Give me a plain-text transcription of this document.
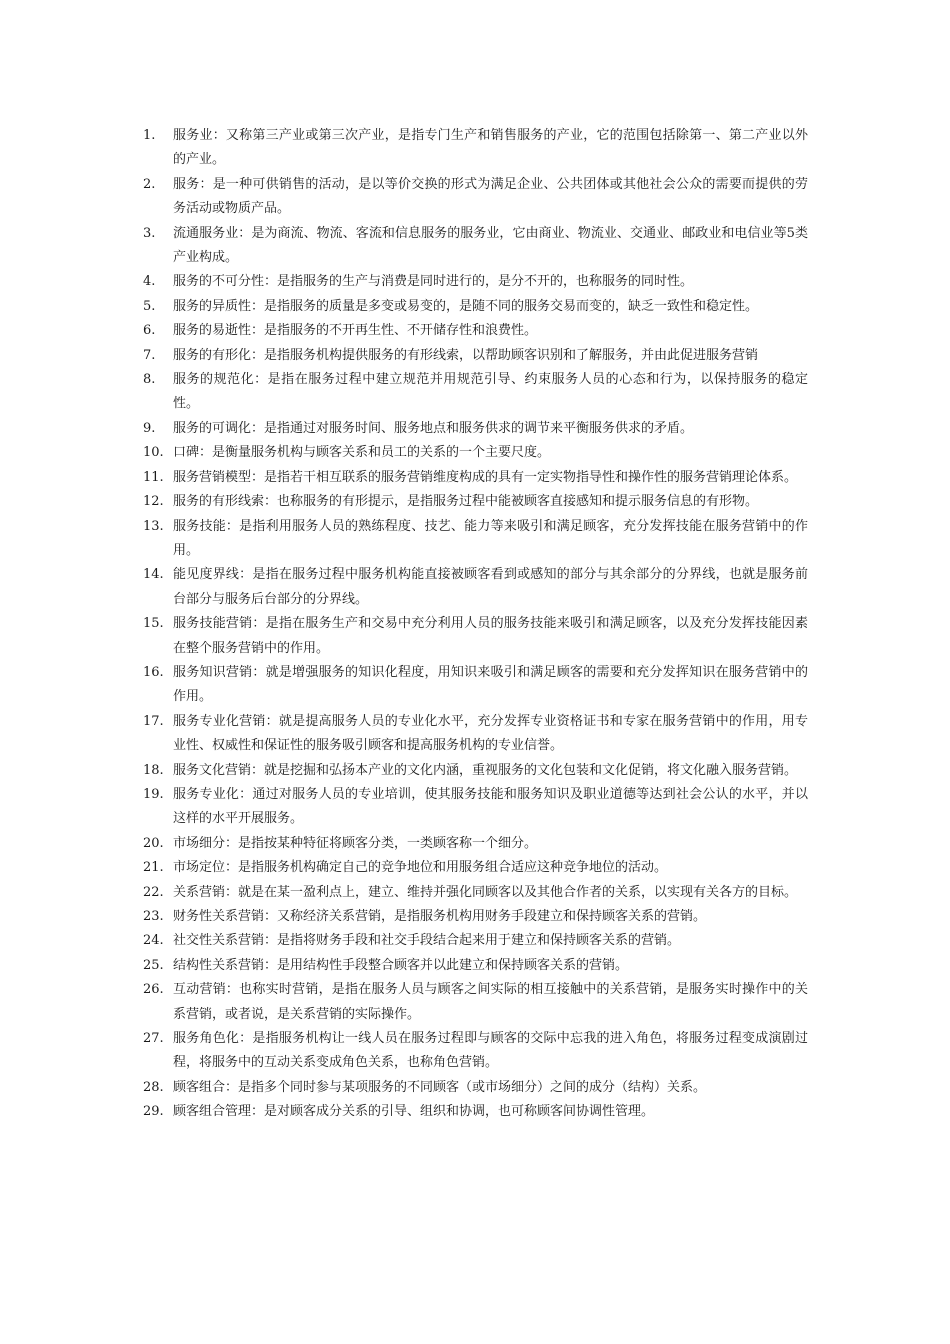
1.	服务业：又称第三产业或第三次产业，是指专门生产和销售服务的产业，它的范围包括除第一、第二产业以外的产业。
2.	服务：是一种可供销售的活动，是以等价交换的形式为满足企业、公共团体或其他社会公众的需要而提供的劳务活动或物质产品。
3.	流通服务业：是为商流、物流、客流和信息服务的服务业，它由商业、物流业、交通业、邮政业和电信业等5类产业构成。
4.	服务的不可分性：是指服务的生产与消费是同时进行的，是分不开的，也称服务的同时性。
5.	服务的异质性：是指服务的质量是多变或易变的，是随不同的服务交易而变的，缺乏一致性和稳定性。
6.	服务的易逝性：是指服务的不开再生性、不开储存性和浪费性。
7.	服务的有形化：是指服务机构提供服务的有形线索，以帮助顾客识别和了解服务，并由此促进服务营销
8.	服务的规范化：是指在服务过程中建立规范并用规范引导、约束服务人员的心态和行为，以保持服务的稳定性。
9.	服务的可调化：是指通过对服务时间、服务地点和服务供求的调节来平衡服务供求的矛盾。
10. 口碑：是衡量服务机构与顾客关系和员工的关系的一个主要尺度。
11. 服务营销模型：是指若干相互联系的服务营销维度构成的具有一定实物指导性和操作性的服务营销理论体系。
12. 服务的有形线索：也称服务的有形提示，是指服务过程中能被顾客直接感知和提示服务信息的有形物。
13. 服务技能：是指利用服务人员的熟练程度、技艺、能力等来吸引和满足顾客，充分发挥技能在服务营销中的作用。
14. 能见度界线：是指在服务过程中服务机构能直接被顾客看到或感知的部分与其余部分的分界线，也就是服务前台部分与服务后台部分的分界线。
15. 服务技能营销：是指在服务生产和交易中充分利用人员的服务技能来吸引和满足顾客，以及充分发挥技能因素在整个服务营销中的作用。
16. 服务知识营销：就是增强服务的知识化程度，用知识来吸引和满足顾客的需要和充分发挥知识在服务营销中的作用。
17. 服务专业化营销：就是提高服务人员的专业化水平，充分发挥专业资格证书和专家在服务营销中的作用，用专业性、权威性和保证性的服务吸引顾客和提高服务机构的专业信誉。
18. 服务文化营销：就是挖掘和弘扬本产业的文化内涵，重视服务的文化包装和文化促销，将文化融入服务营销。
19. 服务专业化：通过对服务人员的专业培训，使其服务技能和服务知识及职业道德等达到社会公认的水平，并以这样的水平开展服务。
20. 市场细分：是指按某种特征将顾客分类，一类顾客称一个细分。
21. 市场定位：是指服务机构确定自己的竞争地位和用服务组合适应这种竞争地位的活动。
22. 关系营销：就是在某一盈利点上，建立、维持并强化同顾客以及其他合作者的关系，以实现有关各方的目标。
23. 财务性关系营销：又称经济关系营销，是指服务机构用财务手段建立和保持顾客关系的营销。
24. 社交性关系营销：是指将财务手段和社交手段结合起来用于建立和保持顾客关系的营销。
25. 结构性关系营销：是用结构性手段整合顾客并以此建立和保持顾客关系的营销。
26. 互动营销：也称实时营销，是指在服务人员与顾客之间实际的相互接触中的关系营销，是服务实时操作中的关系营销，或者说，是关系营销的实际操作。
27. 服务角色化：是指服务机构让一线人员在服务过程即与顾客的交际中忘我的进入角色，将服务过程变成演剧过程，将服务中的互动关系变成角色关系，也称角色营销。
28. 顾客组合：是指多个同时参与某项服务的不同顾客（或市场细分）之间的成分（结构）关系。
29. 顾客组合管理：是对顾客成分关系的引导、组织和协调，也可称顾客间协调性管理。
